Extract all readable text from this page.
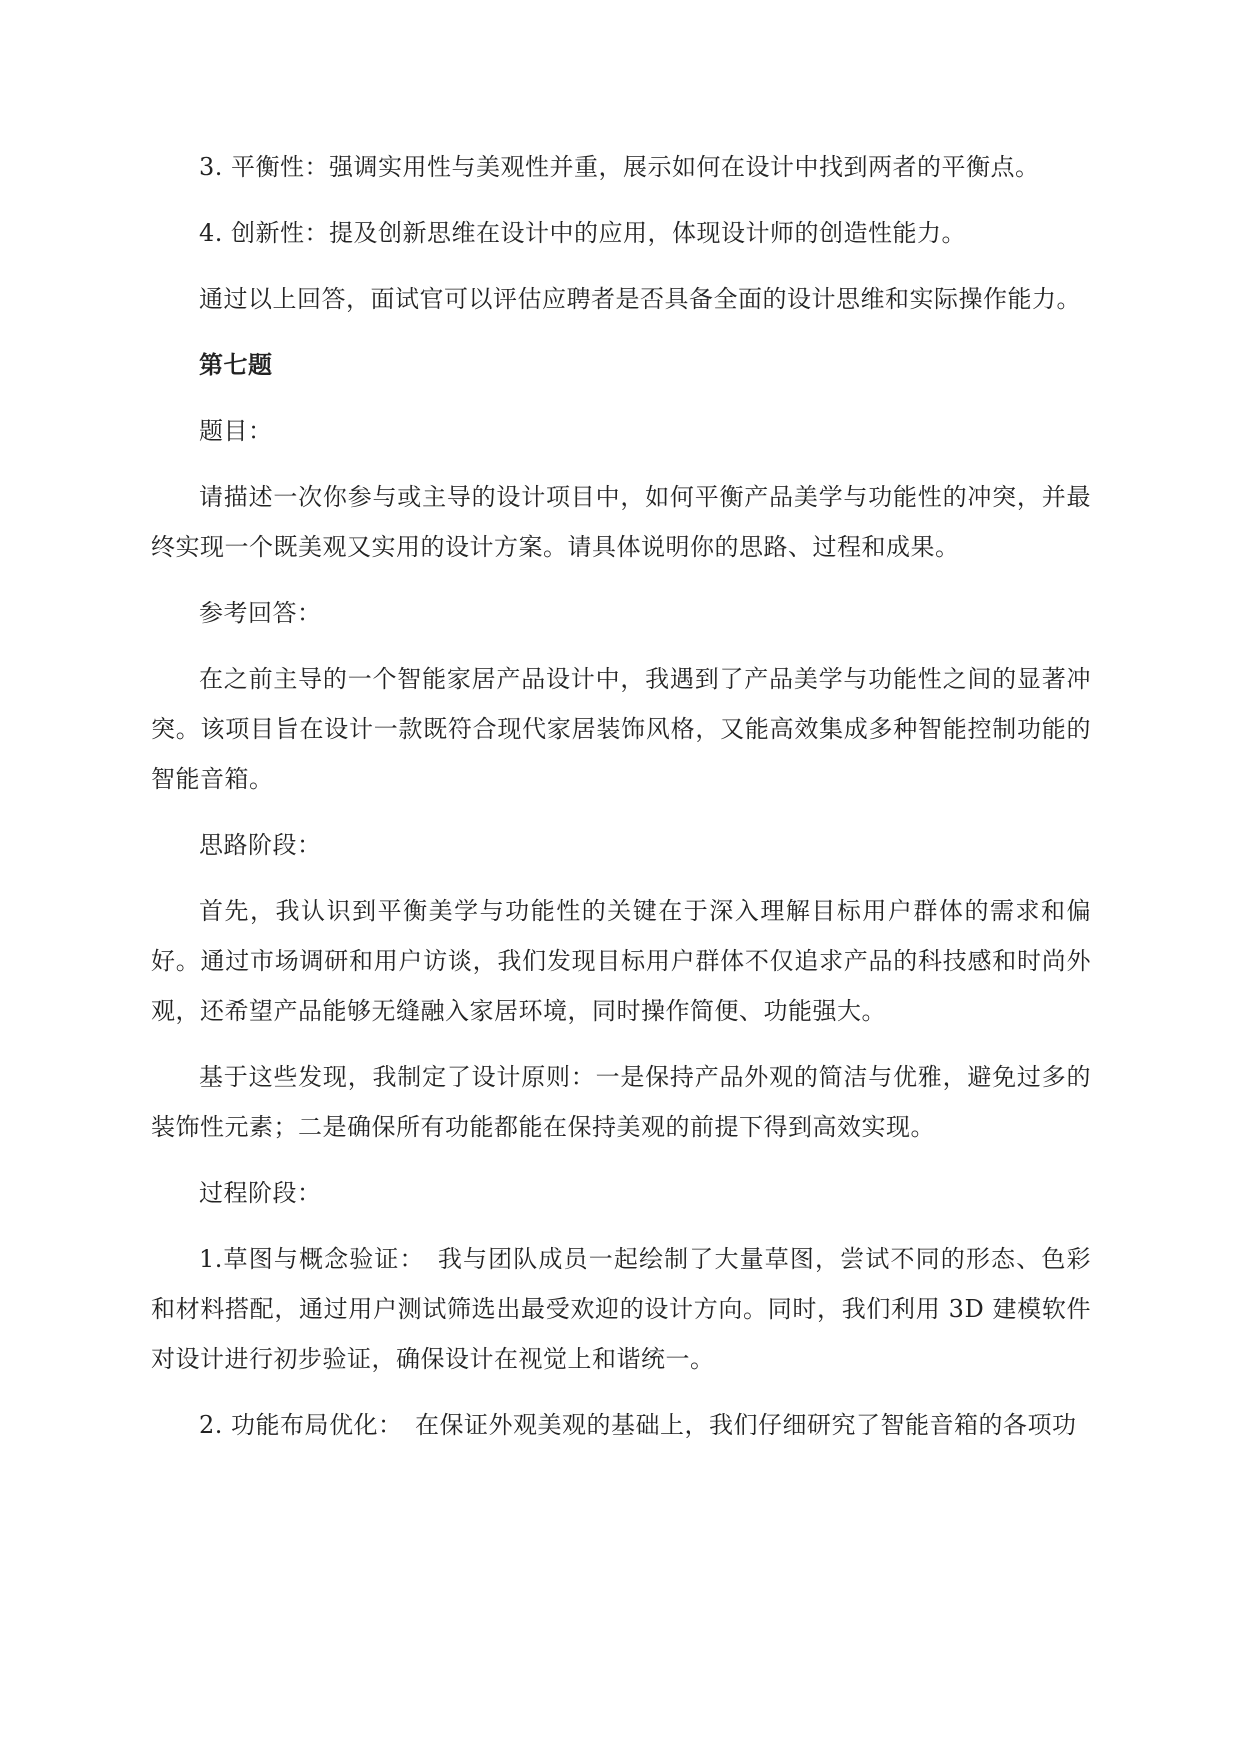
3. 平衡性：强调实用性与美观性并重，展示如何在设计中找到两者的平衡点。

4. 创新性：提及创新思维在设计中的应用，体现设计师的创造性能力。

通过以上回答，面试官可以评估应聘者是否具备全面的设计思维和实际操作能力。

第七题

题目：

请描述一次你参与或主导的设计项目中，如何平衡产品美学与功能性的冲突，并最终实现一个既美观又实用的设计方案。请具体说明你的思路、过程和成果。

参考回答：

在之前主导的一个智能家居产品设计中，我遇到了产品美学与功能性之间的显著冲突。该项目旨在设计一款既符合现代家居装饰风格，又能高效集成多种智能控制功能的智能音箱。

思路阶段：

首先，我认识到平衡美学与功能性的关键在于深入理解目标用户群体的需求和偏好。通过市场调研和用户访谈，我们发现目标用户群体不仅追求产品的科技感和时尚外观，还希望产品能够无缝融入家居环境，同时操作简便、功能强大。

基于这些发现，我制定了设计原则：一是保持产品外观的简洁与优雅，避免过多的装饰性元素；二是确保所有功能都能在保持美观的前提下得到高效实现。

过程阶段：

1.草图与概念验证：　我与团队成员一起绘制了大量草图，尝试不同的形态、色彩和材料搭配，通过用户测试筛选出最受欢迎的设计方向。同时，我们利用 3D 建模软件对设计进行初步验证，确保设计在视觉上和谐统一。

2. 功能布局优化：　在保证外观美观的基础上，我们仔细研究了智能音箱的各项功
